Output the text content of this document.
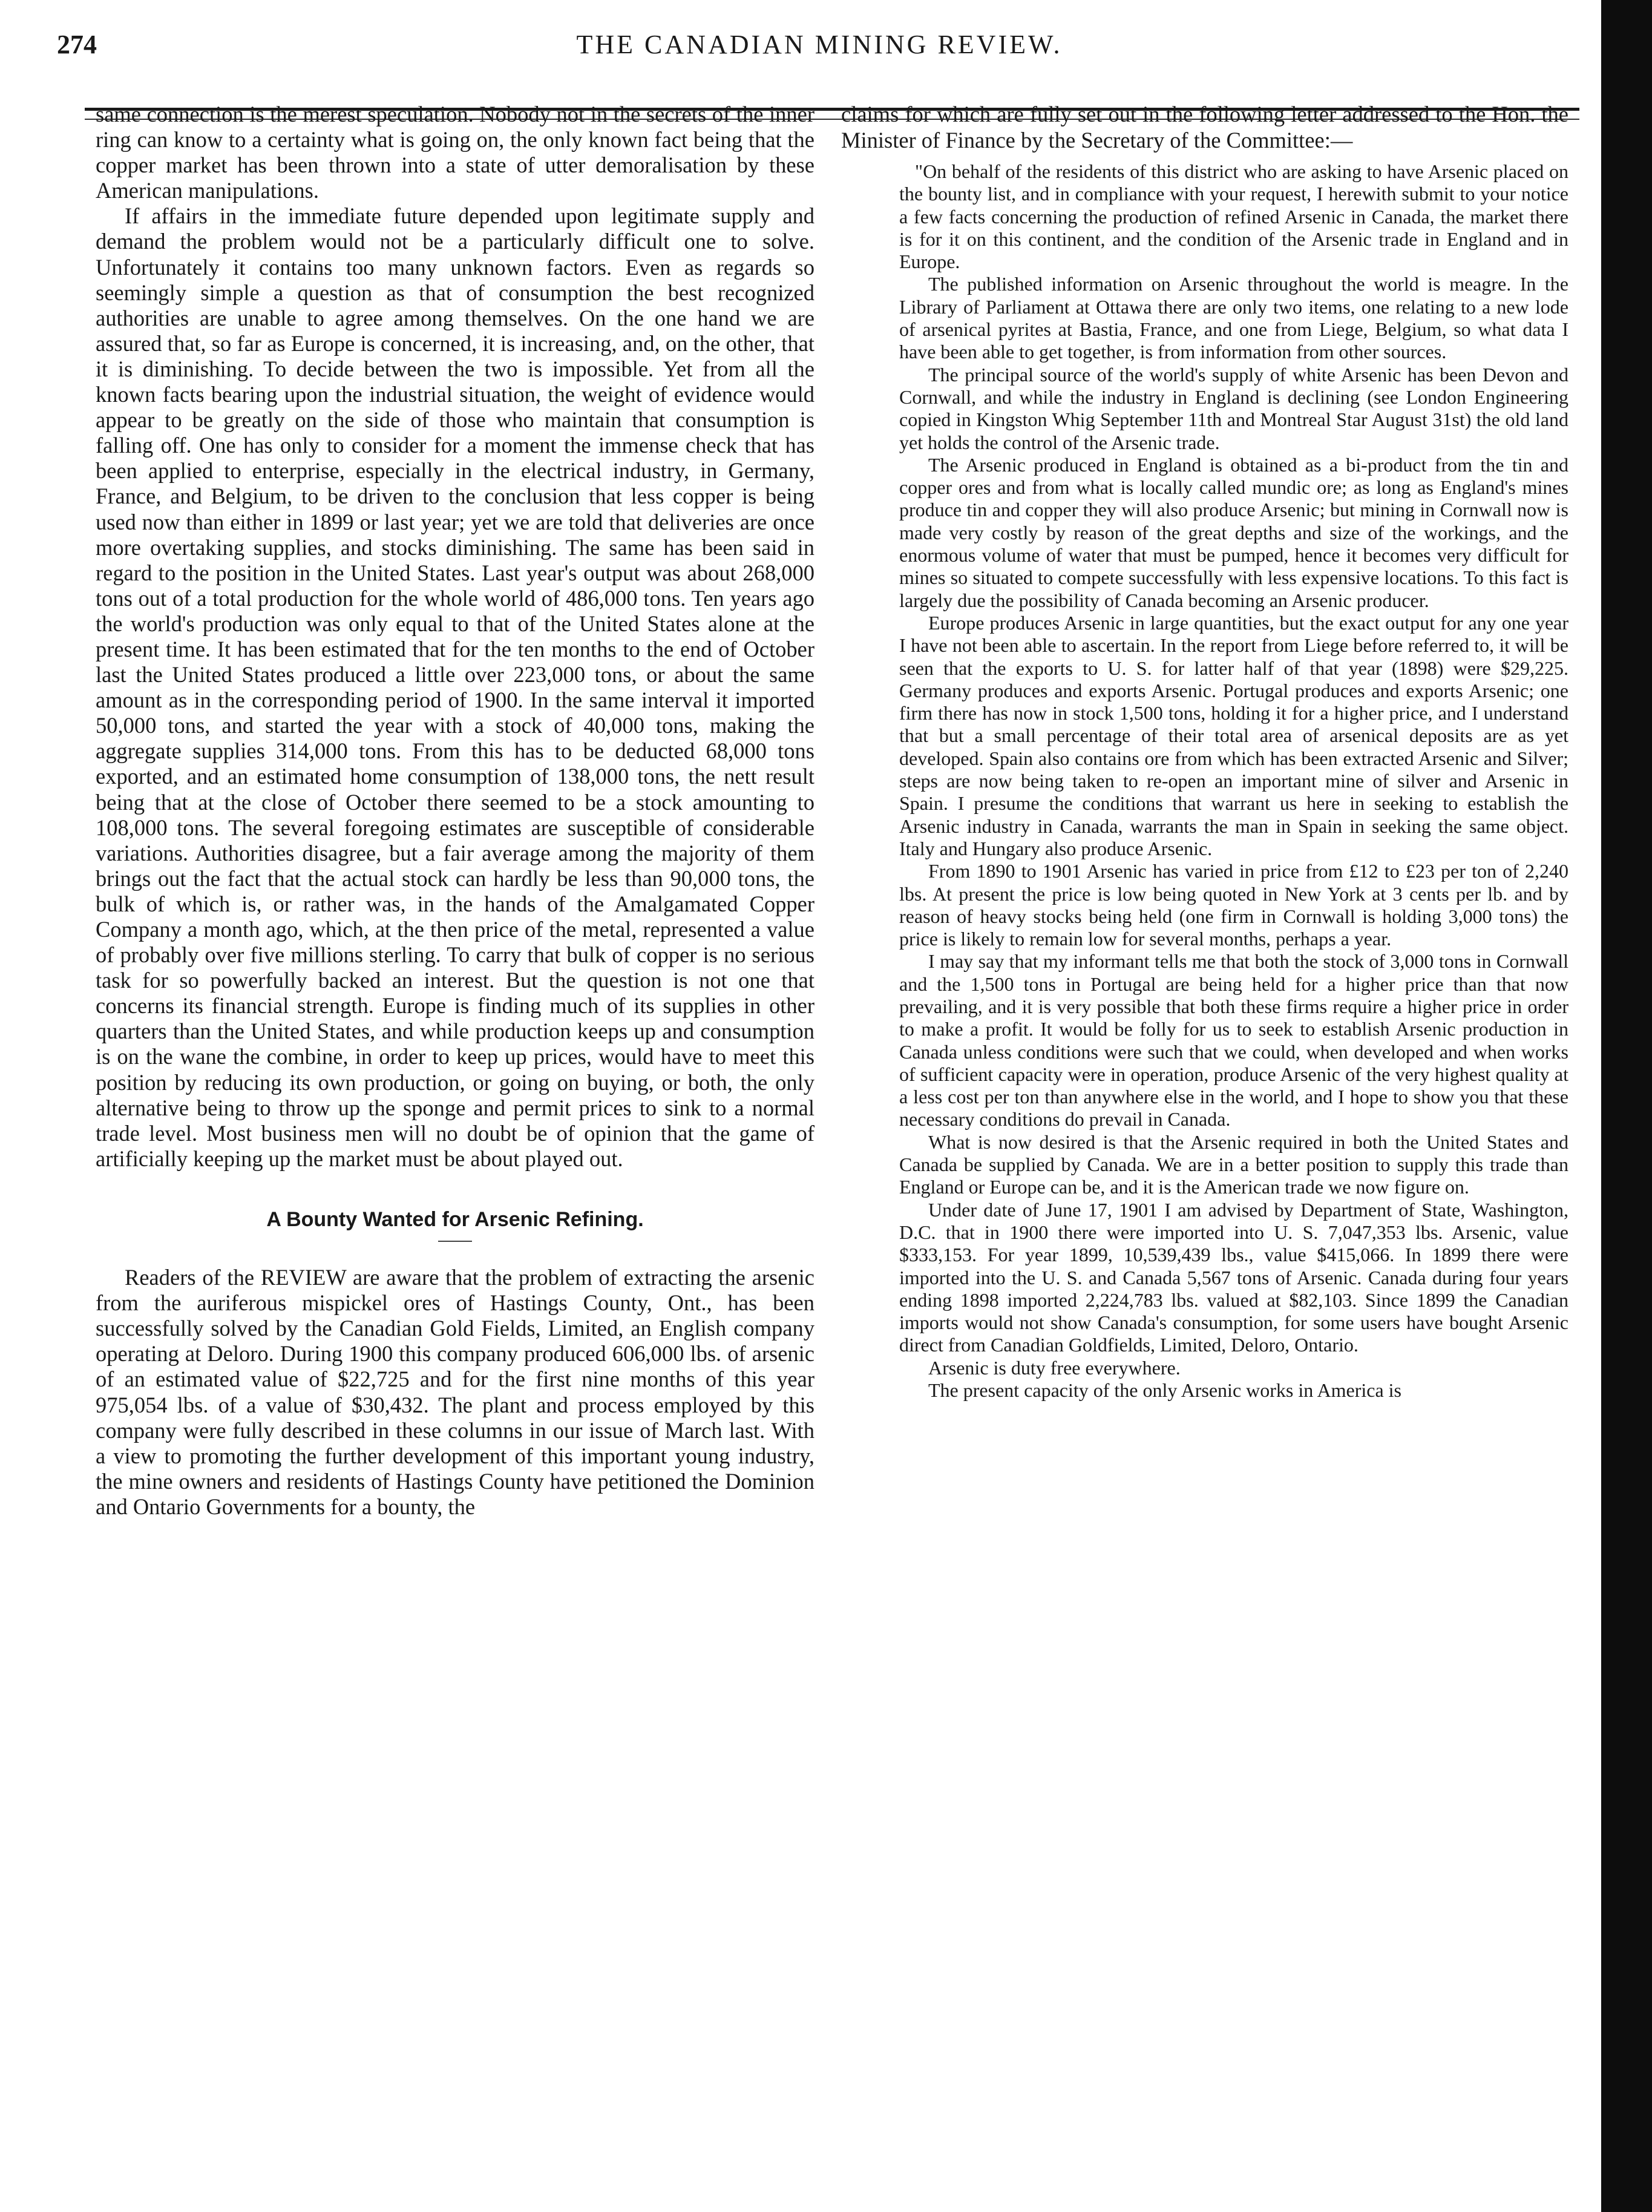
274	THE CANADIAN MINING REVIEW.

same connection is the merest speculation. Nobody not in the secrets of the inner ring can know to a certainty what is going on, the only known fact being that the copper market has been thrown into a state of utter demoralisation by these American manipulations.

If affairs in the immediate future depended upon legitimate supply and demand the problem would not be a particularly difficult one to solve. Unfortunately it contains too many unknown factors. Even as regards so seemingly simple a question as that of consumption the best recognized authorities are unable to agree among themselves. On the one hand we are assured that, so far as Europe is concerned, it is increasing, and, on the other, that it is diminishing. To decide between the two is impossible. Yet from all the known facts bearing upon the industrial situation, the weight of evidence would appear to be greatly on the side of those who maintain that consumption is falling off. One has only to consider for a moment the immense check that has been applied to enterprise, especially in the electrical industry, in Germany, France, and Belgium, to be driven to the conclusion that less copper is being used now than either in 1899 or last year; yet we are told that deliveries are once more overtaking supplies, and stocks diminishing. The same has been said in regard to the position in the United States. Last year's output was about 268,000 tons out of a total production for the whole world of 486,000 tons. Ten years ago the world's production was only equal to that of the United States alone at the present time. It has been estimated that for the ten months to the end of October last the United States produced a little over 223,000 tons, or about the same amount as in the corresponding period of 1900. In the same interval it imported 50,000 tons, and started the year with a stock of 40,000 tons, making the aggregate supplies 314,000 tons. From this has to be deducted 68,000 tons exported, and an estimated home consumption of 138,000 tons, the nett result being that at the close of October there seemed to be a stock amounting to 108,000 tons. The several foregoing estimates are susceptible of considerable variations. Authorities disagree, but a fair average among the majority of them brings out the fact that the actual stock can hardly be less than 90,000 tons, the bulk of which is, or rather was, in the hands of the Amalgamated Copper Company a month ago, which, at the then price of the metal, represented a value of probably over five millions sterling. To carry that bulk of copper is no serious task for so powerfully backed an interest. But the question is not one that concerns its financial strength. Europe is finding much of its supplies in other quarters than the United States, and while production keeps up and consumption is on the wane the combine, in order to keep up prices, would have to meet this position by reducing its own production, or going on buying, or both, the only alternative being to throw up the sponge and permit prices to sink to a normal trade level. Most business men will no doubt be of opinion that the game of artificially keeping up the market must be about played out.

A Bounty Wanted for Arsenic Refining.

Readers of the REVIEW are aware that the problem of extracting the arsenic from the auriferous mispickel ores of Hastings County, Ont., has been successfully solved by the Canadian Gold Fields, Limited, an English company operating at Deloro. During 1900 this company produced 606,000 lbs. of arsenic of an estimated value of $22,725 and for the first nine months of this year 975,054 lbs. of a value of $30,432. The plant and process employed by this company were fully described in these columns in our issue of March last. With a view to promoting the further development of this important young industry, the mine owners and residents of Hastings County have petitioned the Dominion and Ontario Governments for a bounty, the

claims for which are fully set out in the following letter addressed to the Hon. the Minister of Finance by the Secretary of the Committee:—

"On behalf of the residents of this district who are asking to have Arsenic placed on the bounty list, and in compliance with your request, I herewith submit to your notice a few facts concerning the production of refined Arsenic in Canada, the market there is for it on this continent, and the condition of the Arsenic trade in England and in Europe.

The published information on Arsenic throughout the world is meagre. In the Library of Parliament at Ottawa there are only two items, one relating to a new lode of arsenical pyrites at Bastia, France, and one from Liege, Belgium, so what data I have been able to get together, is from information from other sources.

The principal source of the world's supply of white Arsenic has been Devon and Cornwall, and while the industry in England is declining (see London Engineering copied in Kingston Whig September 11th and Montreal Star August 31st) the old land yet holds the control of the Arsenic trade.

The Arsenic produced in England is obtained as a bi-product from the tin and copper ores and from what is locally called mundic ore; as long as England's mines produce tin and copper they will also produce Arsenic; but mining in Cornwall now is made very costly by reason of the great depths and size of the workings, and the enormous volume of water that must be pumped, hence it becomes very difficult for mines so situated to compete successfully with less expensive locations. To this fact is largely due the possibility of Canada becoming an Arsenic producer.

Europe produces Arsenic in large quantities, but the exact output for any one year I have not been able to ascertain. In the report from Liege before referred to, it will be seen that the exports to U. S. for latter half of that year (1898) were $29,225. Germany produces and exports Arsenic. Portugal produces and exports Arsenic; one firm there has now in stock 1,500 tons, holding it for a higher price, and I understand that but a small percentage of their total area of arsenical deposits are as yet developed. Spain also contains ore from which has been extracted Arsenic and Silver; steps are now being taken to re-open an important mine of silver and Arsenic in Spain. I presume the conditions that warrant us here in seeking to establish the Arsenic industry in Canada, warrants the man in Spain in seeking the same object. Italy and Hungary also produce Arsenic.

From 1890 to 1901 Arsenic has varied in price from £12 to £23 per ton of 2,240 lbs. At present the price is low being quoted in New York at 3 cents per lb. and by reason of heavy stocks being held (one firm in Cornwall is holding 3,000 tons) the price is likely to remain low for several months, perhaps a year.

I may say that my informant tells me that both the stock of 3,000 tons in Cornwall and the 1,500 tons in Portugal are being held for a higher price than that now prevailing, and it is very possible that both these firms require a higher price in order to make a profit. It would be folly for us to seek to establish Arsenic production in Canada unless conditions were such that we could, when developed and when works of sufficient capacity were in operation, produce Arsenic of the very highest quality at a less cost per ton than anywhere else in the world, and I hope to show you that these necessary conditions do prevail in Canada.

What is now desired is that the Arsenic required in both the United States and Canada be supplied by Canada. We are in a better position to supply this trade than England or Europe can be, and it is the American trade we now figure on.

Under date of June 17, 1901 I am advised by Department of State, Washington, D.C. that in 1900 there were imported into U. S. 7,047,353 lbs. Arsenic, value $333,153. For year 1899, 10,539,439 lbs., value $415,066. In 1899 there were imported into the U. S. and Canada 5,567 tons of Arsenic. Canada during four years ending 1898 imported 2,224,783 lbs. valued at $82,103. Since 1899 the Canadian imports would not show Canada's consumption, for some users have bought Arsenic direct from Canadian Goldfields, Limited, Deloro, Ontario.

Arsenic is duty free everywhere.

The present capacity of the only Arsenic works in America is
